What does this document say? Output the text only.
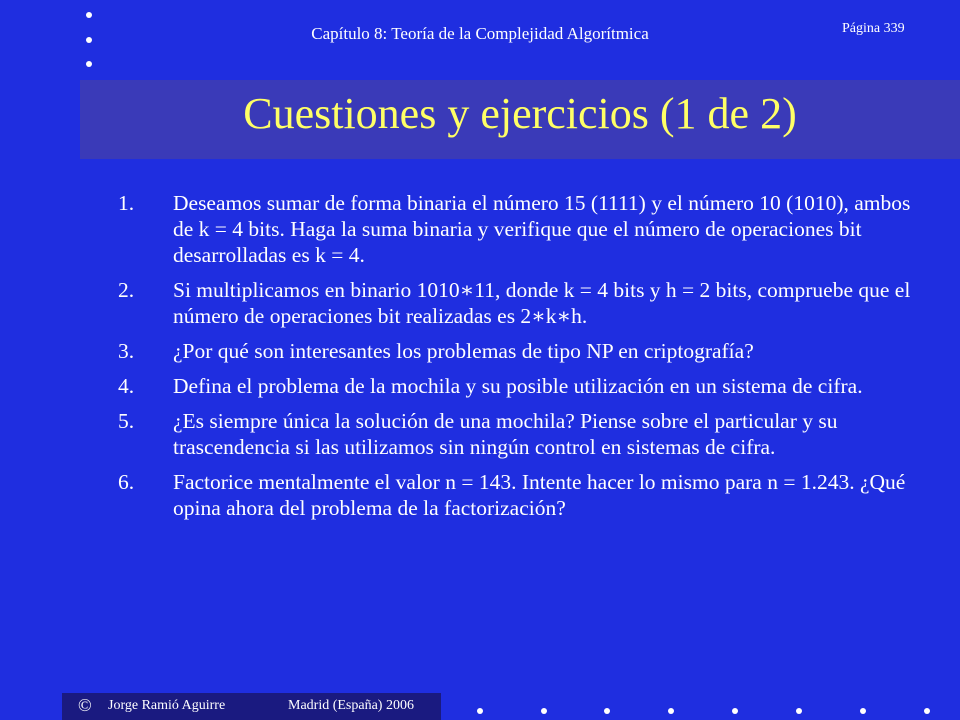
Capítulo 8: Teoría de la Complejidad Algorítmica	Página 339
Cuestiones y ejercicios (1 de 2)
1.	Deseamos sumar de forma binaria el número 15 (1111) y el número 10 (1010), ambos de k = 4 bits. Haga la suma binaria y verifique que el número de operaciones bit desarrolladas es k = 4.
2.	Si multiplicamos en binario 1010∗11, donde k = 4 bits y h = 2 bits, compruebe que el número de operaciones bit realizadas es 2∗k∗h.
3.	¿Por qué son interesantes los problemas de tipo NP en criptografía?
4.	Defina el problema de la mochila y su posible utilización en un sistema de cifra.
5.	¿Es siempre única la solución de una mochila? Piense sobre el particular y su trascendencia si las utilizamos sin ningún control en sistemas de cifra.
6.	Factorice mentalmente el valor n = 143. Intente hacer lo mismo para n = 1.243. ¿Qué opina ahora del problema de la factorización?
© Jorge Ramió Aguirre	Madrid (España) 2006
